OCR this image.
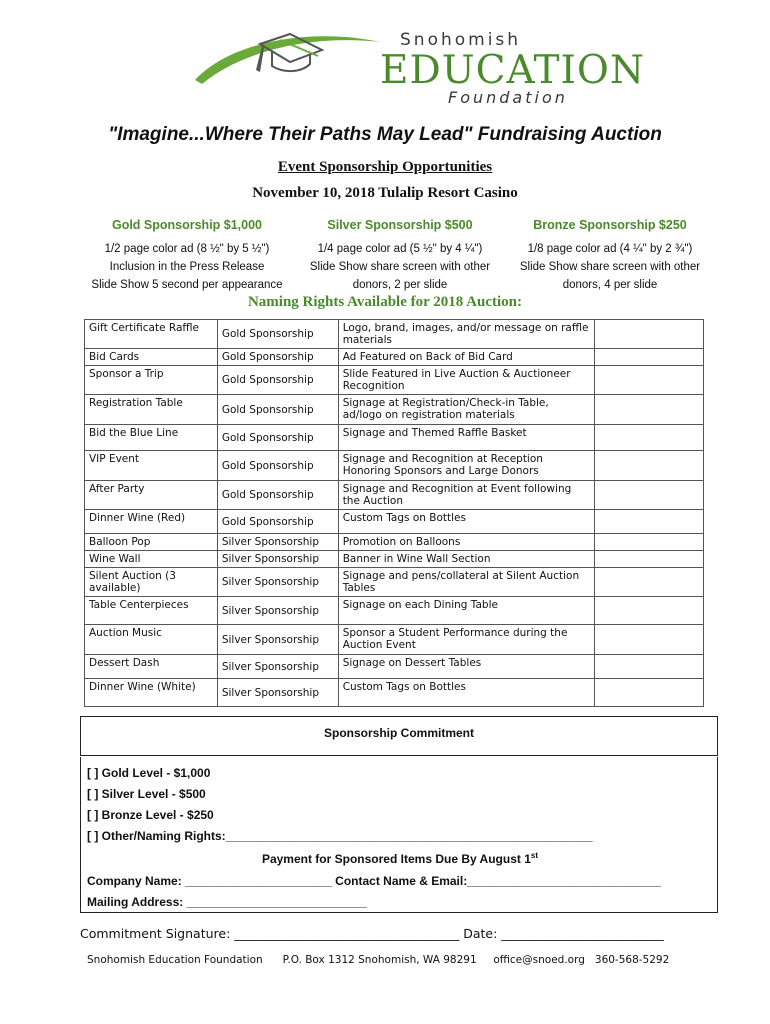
Snohomish
EDUCATION
Foundation
"Imagine...Where Their Paths May Lead" Fundraising Auction
Event Sponsorship Opportunities
November 10, 2018 Tulalip Resort Casino
Gold Sponsorship $1,000
1/2 page color ad (8 ½" by 5 ½")
Inclusion in the Press Release
Slide Show 5 second per appearance
Silver Sponsorship $500
1/4 page color ad (5 ½" by 4 ¼")
Slide Show share screen with other
donors, 2 per slide
Bronze Sponsorship $250
1/8 page color ad (4 ¼" by 2 ¾")
Slide Show share screen with other
donors, 4 per slide
Naming Rights Available for 2018 Auction:
Gift Certificate Raffle	Gold Sponsorship	Logo, brand, images, and/or message on raffle materials	
Bid Cards	Gold Sponsorship	Ad Featured on Back of Bid Card	
Sponsor a Trip	Gold Sponsorship	Slide Featured in Live Auction & Auctioneer Recognition	
Registration Table	Gold Sponsorship	Signage at Registration/Check-in Table, ad/logo on registration materials	
Bid the Blue Line	Gold Sponsorship	Signage and Themed Raffle Basket	
VIP Event	Gold Sponsorship	Signage and Recognition at Reception Honoring Sponsors and Large Donors	
After Party	Gold Sponsorship	Signage and Recognition at Event following the Auction	
Dinner Wine (Red)	Gold Sponsorship	Custom Tags on Bottles	
Balloon Pop	Silver Sponsorship	Promotion on Balloons	
Wine Wall	Silver Sponsorship	Banner in Wine Wall Section	
Silent Auction (3 available)	Silver Sponsorship	Signage and pens/collateral at Silent Auction Tables	
Table Centerpieces	Silver Sponsorship	Signage on each Dining Table	
Auction Music	Silver Sponsorship	Sponsor a Student Performance during the Auction Event	
Dessert Dash	Silver Sponsorship	Signage on Dessert Tables	
Dinner Wine (White)	Silver Sponsorship	Custom Tags on Bottles	
Sponsorship Commitment
[ ] Gold Level - $1,000
[ ] Silver Level - $500
[ ] Bronze Level - $250
[ ] Other/Naming Rights:_______________________________________________________
Payment for Sponsored Items Due By August 1st
Company Name: ______________________ Contact Name & Email:_____________________________
Mailing Address: ___________________________
Commitment Signature: ____________________________________ Date: __________________________
Snohomish Education Foundation      P.O. Box 1312 Snohomish, WA 98291     office@snoed.org   360-568-5292
